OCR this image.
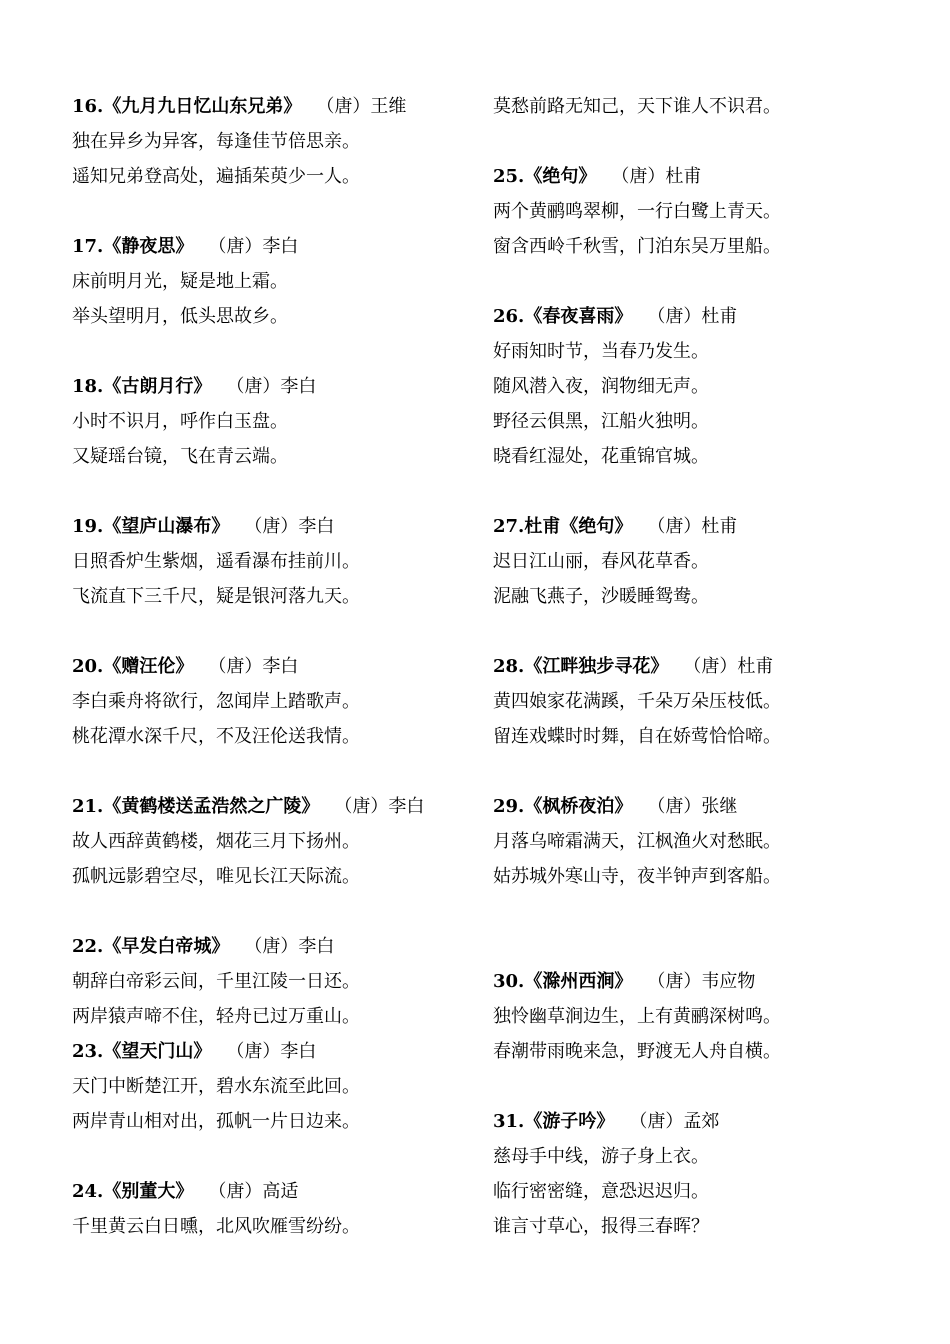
16.《九月九日忆山东兄弟》 （唐）王维
独在异乡为异客，每逢佳节倍思亲。
遥知兄弟登高处，遍插茱萸少一人。
17.《静夜思》 （唐）李白
床前明月光，疑是地上霜。
举头望明月，低头思故乡。
18.《古朗月行》 （唐）李白
小时不识月，呼作白玉盘。
又疑瑶台镜，飞在青云端。
19.《望庐山瀑布》 （唐）李白
日照香炉生紫烟，遥看瀑布挂前川。
飞流直下三千尺，疑是银河落九天。
20.《赠汪伦》 （唐）李白
李白乘舟将欲行，忽闻岸上踏歌声。
桃花潭水深千尺，不及汪伦送我情。
21.《黄鹤楼送孟浩然之广陵》 （唐）李白
故人西辞黄鹤楼，烟花三月下扬州。
孤帆远影碧空尽，唯见长江天际流。
22.《早发白帝城》 （唐）李白
朝辞白帝彩云间，千里江陵一日还。
两岸猿声啼不住，轻舟已过万重山。
23.《望天门山》 （唐）李白
天门中断楚江开，碧水东流至此回。
两岸青山相对出，孤帆一片日边来。
24.《别董大》 （唐）高适
千里黄云白日曛，北风吹雁雪纷纷。
莫愁前路无知己，天下谁人不识君。
25.《绝句》 （唐）杜甫
两个黄鹂鸣翠柳，一行白鹭上青天。
窗含西岭千秋雪，门泊东吴万里船。
26.《春夜喜雨》 （唐）杜甫
好雨知时节，当春乃发生。
随风潜入夜，润物细无声。
野径云俱黑，江船火独明。
晓看红湿处，花重锦官城。
27.杜甫《绝句》 （唐）杜甫
迟日江山丽，春风花草香。
泥融飞燕子，沙暖睡鸳鸯。
28.《江畔独步寻花》 （唐）杜甫
黄四娘家花满蹊，千朵万朵压枝低。
留连戏蝶时时舞，自在娇莺恰恰啼。
29.《枫桥夜泊》 （唐）张继
月落乌啼霜满天，江枫渔火对愁眠。
姑苏城外寒山寺，夜半钟声到客船。
30.《滁州西涧》 （唐）韦应物
独怜幽草涧边生，上有黄鹂深树鸣。
春潮带雨晚来急，野渡无人舟自横。
31.《游子吟》 （唐）孟郊
慈母手中线，游子身上衣。
临行密密缝，意恐迟迟归。
谁言寸草心，报得三春晖？
